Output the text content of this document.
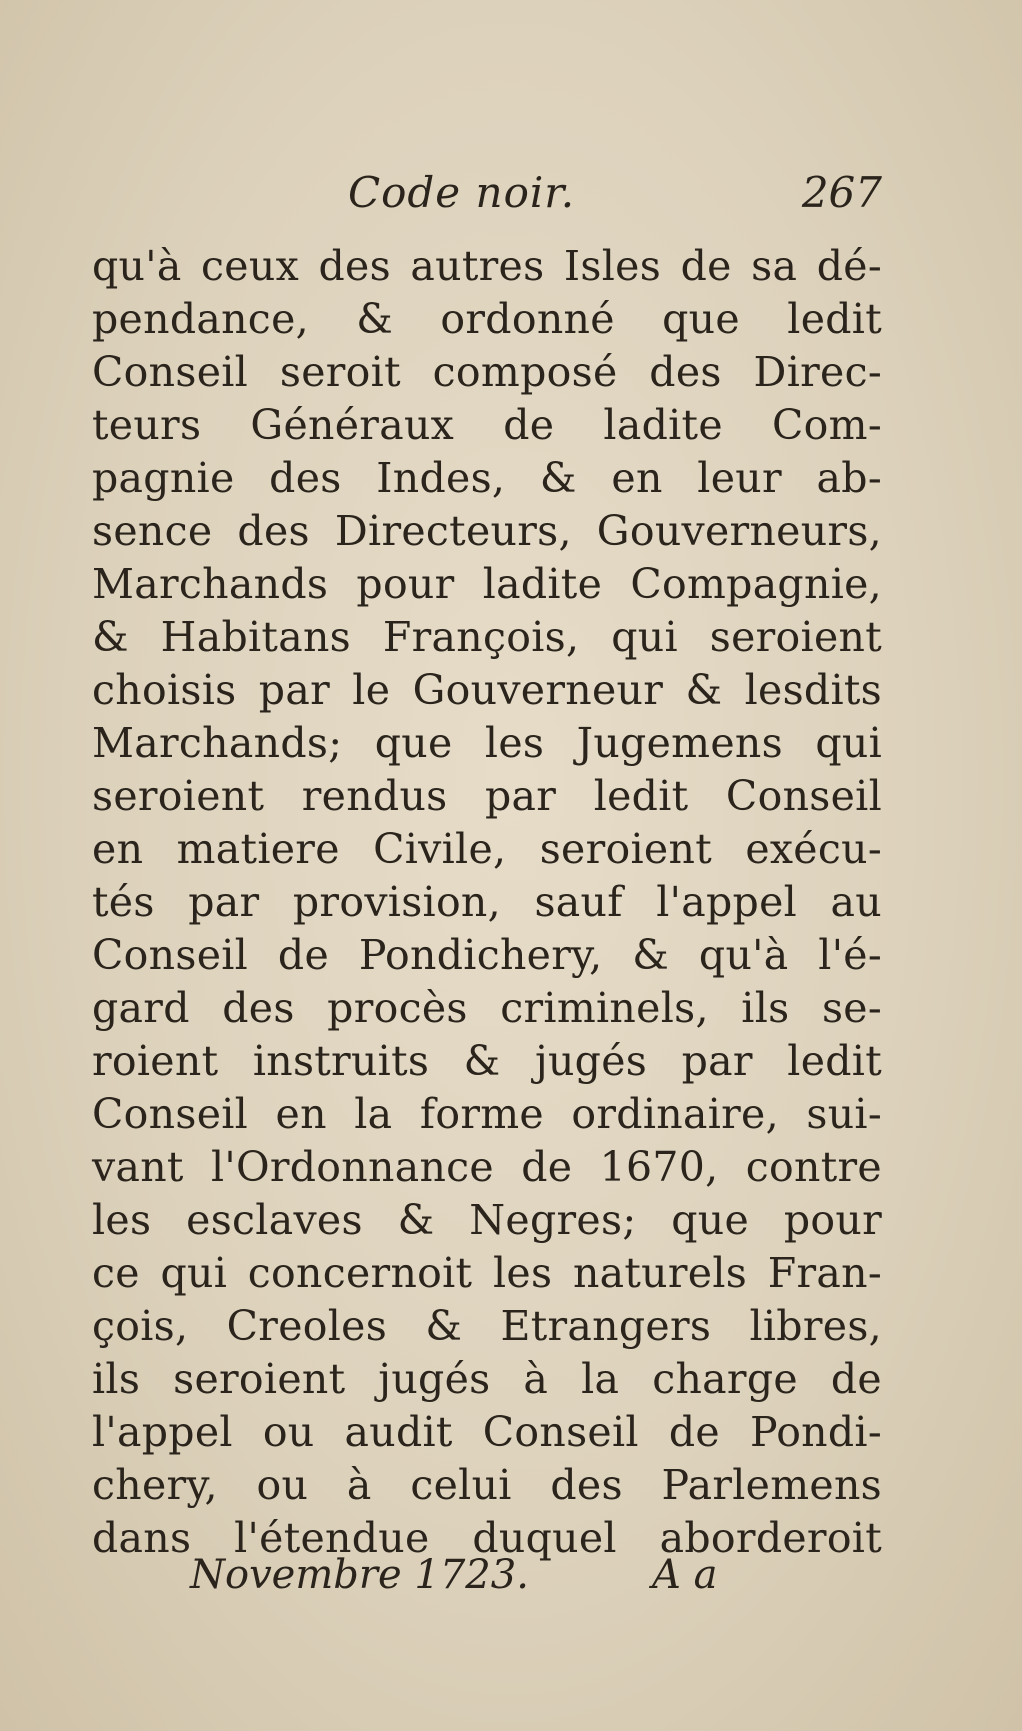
Code noir.	267
qu'à ceux des autres Isles de sa dé-
pendance, & ordonné que ledit
Conseil seroit composé des Direc-
teurs Généraux de ladite Com-
pagnie des Indes, & en leur ab-
sence des Directeurs, Gouverneurs,
Marchands pour ladite Compagnie,
& Habitans François, qui seroient
choisis par le Gouverneur & lesdits
Marchands; que les Jugemens qui
seroient rendus par ledit Conseil
en matiere Civile, seroient exécu-
tés par provision, sauf l'appel au
Conseil de Pondichery, & qu'à l'é-
gard des procès criminels, ils se-
roient instruits & jugés par ledit
Conseil en la forme ordinaire, sui-
vant l'Ordonnance de 1670, contre
les esclaves & Negres; que pour
ce qui concernoit les naturels Fran-
çois, Creoles & Etrangers libres,
ils seroient jugés à la charge de
l'appel ou audit Conseil de Pondi-
chery, ou à celui des Parlemens
dans l'étendue duquel aborderoit
Novembre 1723.	A a
